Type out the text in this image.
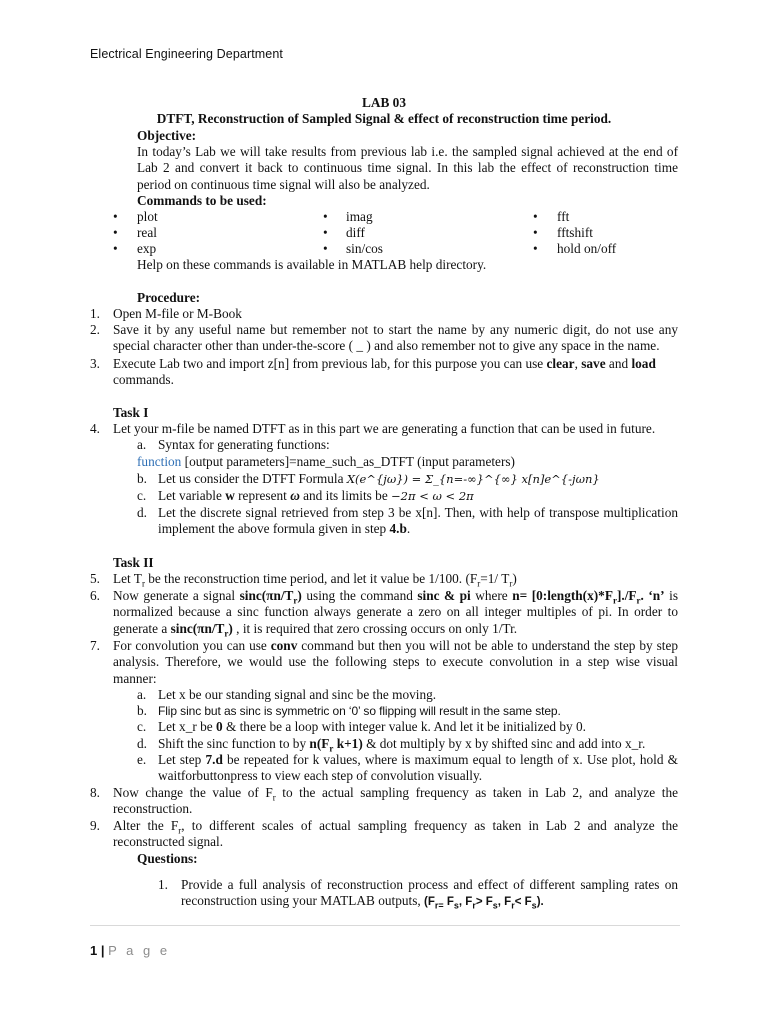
Electrical Engineering Department
LAB 03
DTFT, Reconstruction of Sampled Signal & effect of reconstruction time period.
Objective:
In today’s Lab we will take results from previous lab i.e. the sampled signal achieved at the end of Lab 2 and convert it back to continuous time signal. In this lab the effect of reconstruction time period on continuous time signal will also be analyzed.
Commands to be used:
• plot
• real
• exp
• imag
• diff
• sin/cos
• fft
• fftshift
• hold on/off
Help on these commands is available in MATLAB help directory.
Procedure:
1. Open M-file or M-Book
2. Save it by any useful name but remember not to start the name by any numeric digit, do not use any special character other than under-the-score ( _ ) and also remember not to give any space in the name.
3. Execute Lab two and import z[n] from previous lab, for this purpose you can use clear, save and load
commands.
Task I
4. Let your m-file be named DTFT as in this part we are generating a function that can be used in future.
a. Syntax for generating functions:
function [output parameters]=name_such_as_DTFT (input parameters)
b. Let us consider the DTFT Formula X(e^{jω}) = Σ_{n=-∞}^{∞} x[n]e^{-jωn}
c. Let variable w represent ω and its limits be −2π < ω < 2π
d. Let the discrete signal retrieved from step 3 be x[n]. Then, with help of transpose multiplication implement the above formula given in step 4.b.
Task II
5. Let $T_r$ be the reconstruction time period, and let it value be 1/100. ($F_r=1/$ $T_r$)
6. Now generate a signal $\sin c(\pi n/T_r)$ using the command sinc & pi where $n= [0:length(x)*F_r]./F_r$. ‘n’ is normalized because a sinc function always generate a zero on all integer multiples of pi. In order to generate a $\sin c(\pi n/T_r)$ , it is required that zero crossing occurs on only 1/Tr.
7. For convolution you can use conv command but then you will not be able to understand the step by step analysis. Therefore, we would use the following steps to execute convolution in a step wise visual manner:
a. Let x be our standing signal and sinc be the moving.
b. Flip sinc but as sinc is symmetric on ‘0’ so flipping will result in the same step.
c. Let x_r be 0 & there be a loop with integer value k. And let it be initialized by 0.
d. Shift the sinc function to by $n(F_r$ k+1) & dot multiply by x by shifted sinc and add into x_r.
e. Let step 7.d be repeated for k values, where is maximum equal to length of x. Use plot, hold & waitforbuttonpress to view each step of convolution visually.
8. Now change the value of $F_r$ to the actual sampling frequency as taken in Lab 2, and analyze the reconstruction.
9. Alter the $F_r$, to different scales of actual sampling frequency as taken in Lab 2 and analyze the reconstructed signal.
Questions:
1. Provide a full analysis of reconstruction process and effect of different sampling rates on reconstruction using your MATLAB outputs, ($F_{r=}$ $F_s$, $F_r> F_s$, $F_r< F_s$).
1 | P a g e
